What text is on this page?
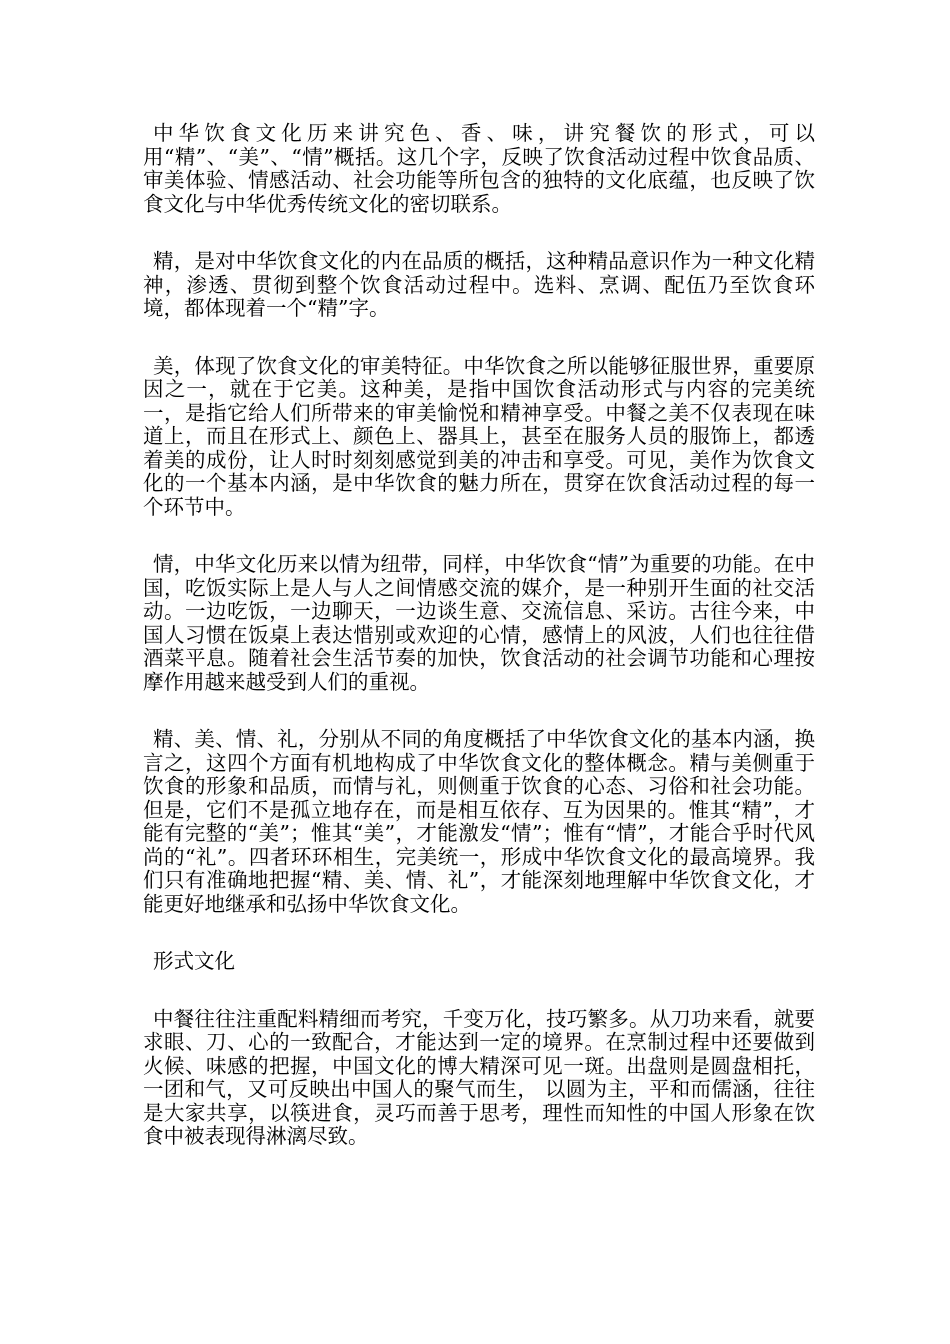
中华饮食文化历来讲究色、香、味，讲究餐饮的形式，可以用“精”、“美”、“情”概括。这几个字，反映了饮食活动过程中饮食品质、审美体验、情感活动、社会功能等所包含的独特的文化底蕴，也反映了饮食文化与中华优秀传统文化的密切联系。

精，是对中华饮食文化的内在品质的概括，这种精品意识作为一种文化精神，渗透、贯彻到整个饮食活动过程中。选料、烹调、配伍乃至饮食环境，都体现着一个“精”字。

美，体现了饮食文化的审美特征。中华饮食之所以能够征服世界，重要原因之一，就在于它美。这种美，是指中国饮食活动形式与内容的完美统一，是指它给人们所带来的审美愉悦和精神享受。中餐之美不仅表现在味道上，而且在形式上、颜色上、器具上，甚至在服务人员的服饰上，都透着美的成份，让人时时刻刻感觉到美的冲击和享受。可见，美作为饮食文化的一个基本内涵，是中华饮食的魅力所在，贯穿在饮食活动过程的每一个环节中。

情，中华文化历来以情为纽带，同样，中华饮食“情”为重要的功能。在中国，吃饭实际上是人与人之间情感交流的媒介，是一种别开生面的社交活动。一边吃饭，一边聊天，一边谈生意、交流信息、采访。古往今来，中国人习惯在饭桌上表达惜别或欢迎的心情，感情上的风波，人们也往往借酒菜平息。随着社会生活节奏的加快，饮食活动的社会调节功能和心理按摩作用越来越受到人们的重视。

精、美、情、礼，分别从不同的角度概括了中华饮食文化的基本内涵，换言之，这四个方面有机地构成了中华饮食文化的整体概念。精与美侧重于饮食的形象和品质，而情与礼，则侧重于饮食的心态、习俗和社会功能。但是，它们不是孤立地存在，而是相互依存、互为因果的。惟其“精”，才能有完整的“美”；惟其“美”，才能激发“情”；惟有“情”，才能合乎时代风尚的“礼”。四者环环相生，完美统一，形成中华饮食文化的最高境界。我们只有准确地把握“精、美、情、礼”，才能深刻地理解中华饮食文化，才能更好地继承和弘扬中华饮食文化。

形式文化

中餐往往注重配料精细而考究，千变万化，技巧繁多。从刀功来看，就要求眼、刀、心的一致配合，才能达到一定的境界。在烹制过程中还要做到火候、味感的把握，中国文化的博大精深可见一斑。出盘则是圆盘相托，一团和气，又可反映出中国人的聚气而生， 以圆为主，平和而儒涵，往往是大家共享，以筷进食，灵巧而善于思考，理性而知性的中国人形象在饮食中被表现得淋漓尽致。
